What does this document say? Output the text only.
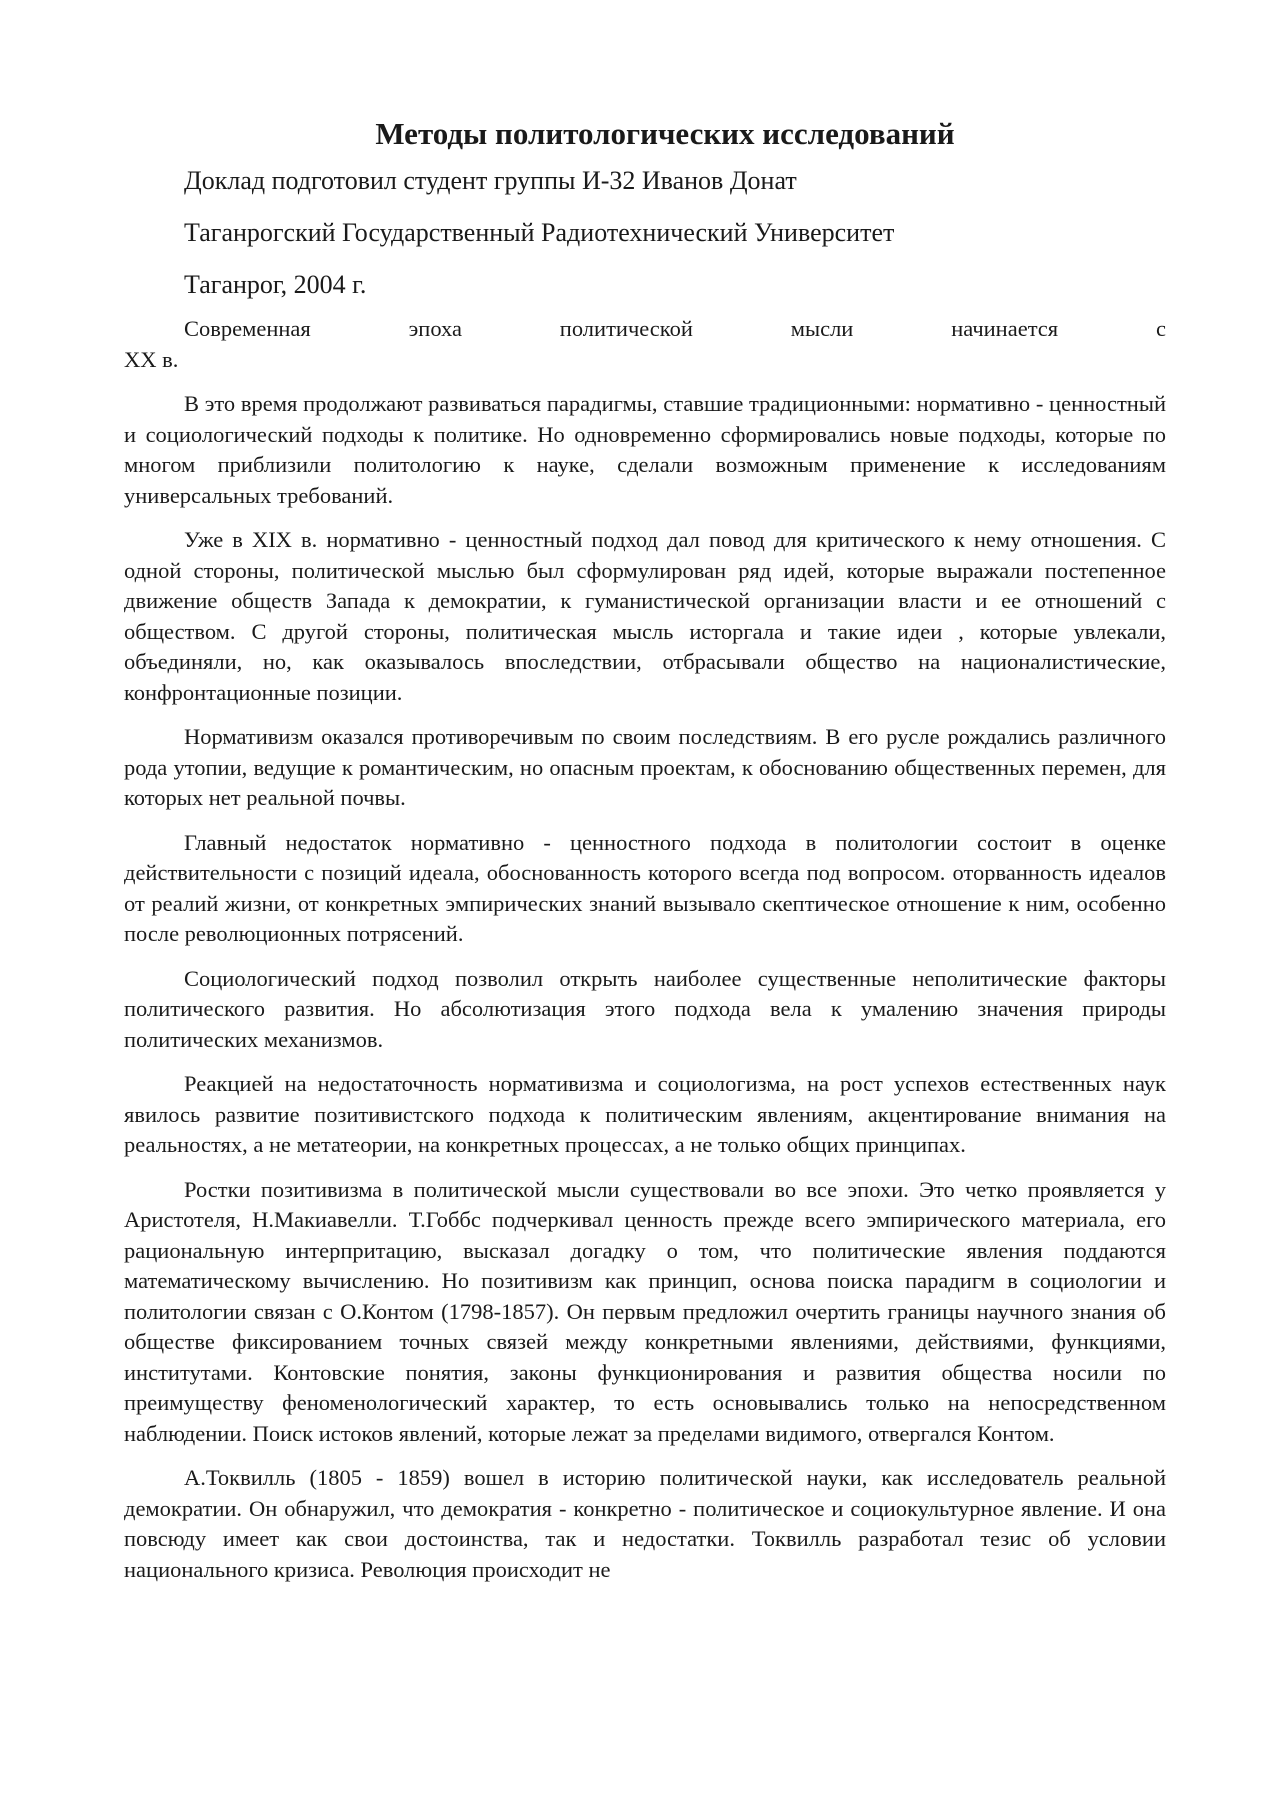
Методы политологических исследований

Доклад подготовил студент группы И-32 Иванов Донат

Таганрогский Государственный Радиотехнический Университет

Таганрог, 2004 г.

Современная эпоха политической мысли начинается с

XX в.

В это время продолжают развиваться парадигмы, ставшие традиционными: нормативно - ценностный и социологический подходы к политике. Но одновременно сформировались новые подходы, которые по многом приблизили политологию к науке, сделали возможным применение к исследованиям универсальных требований.

Уже в XIX в. нормативно - ценностный подход дал повод для критического к нему отношения. С одной стороны, политической мыслью был сформулирован ряд идей, которые выражали постепенное движение обществ Запада к демократии, к гуманистической организации власти и ее отношений с обществом. С другой стороны, политическая мысль исторгала и такие идеи , которые увлекали, объединяли, но, как оказывалось впоследствии, отбрасывали общество на националистические, конфронтационные позиции.

Нормативизм оказался противоречивым по своим последствиям. В его русле рождались различного рода утопии, ведущие к романтическим, но опасным проектам, к обоснованию общественных перемен, для которых нет реальной почвы.

Главный недостаток нормативно - ценностного подхода в политологии состоит в оценке действительности с позиций идеала, обоснованность которого всегда под вопросом. оторванность идеалов от реалий жизни, от конкретных эмпирических знаний вызывало скептическое отношение к ним, особенно после революционных потрясений.

Социологический подход позволил открыть наиболее существенные неполитические факторы политического развития. Но абсолютизация этого подхода вела к умалению значения природы политических механизмов.

Реакцией на недостаточность нормативизма и социологизма, на рост успехов естественных наук явилось развитие позитивистского подхода к политическим явлениям, акцентирование внимания на реальностях, а не метатеории, на конкретных процессах, а не только общих принципах.

Ростки позитивизма в политической мысли существовали во все эпохи. Это четко проявляется у Аристотеля, Н.Макиавелли. Т.Гоббс подчеркивал ценность прежде всего эмпирического материала, его рациональную интерпритацию, высказал догадку о том, что политические явления поддаются математическому вычислению. Но позитивизм как принцип, основа поиска парадигм в социологии и политологии связан с О.Контом (1798-1857). Он первым предложил очертить границы научного знания об обществе фиксированием точных связей между конкретными явлениями, действиями, функциями, институтами. Контовские понятия, законы функционирования и развития общества носили по преимуществу феноменологический характер, то есть основывались только на непосредственном наблюдении. Поиск истоков явлений, которые лежат за пределами видимого, отвергался Контом.

А.Токвилль (1805 - 1859) вошел в историю политической науки, как исследователь реальной демократии. Он обнаружил, что демократия - конкретно - политическое и социокультурное явление. И она повсюду имеет как свои достоинства, так и недостатки. Токвилль разработал тезис об условии национального кризиса. Революция происходит не
